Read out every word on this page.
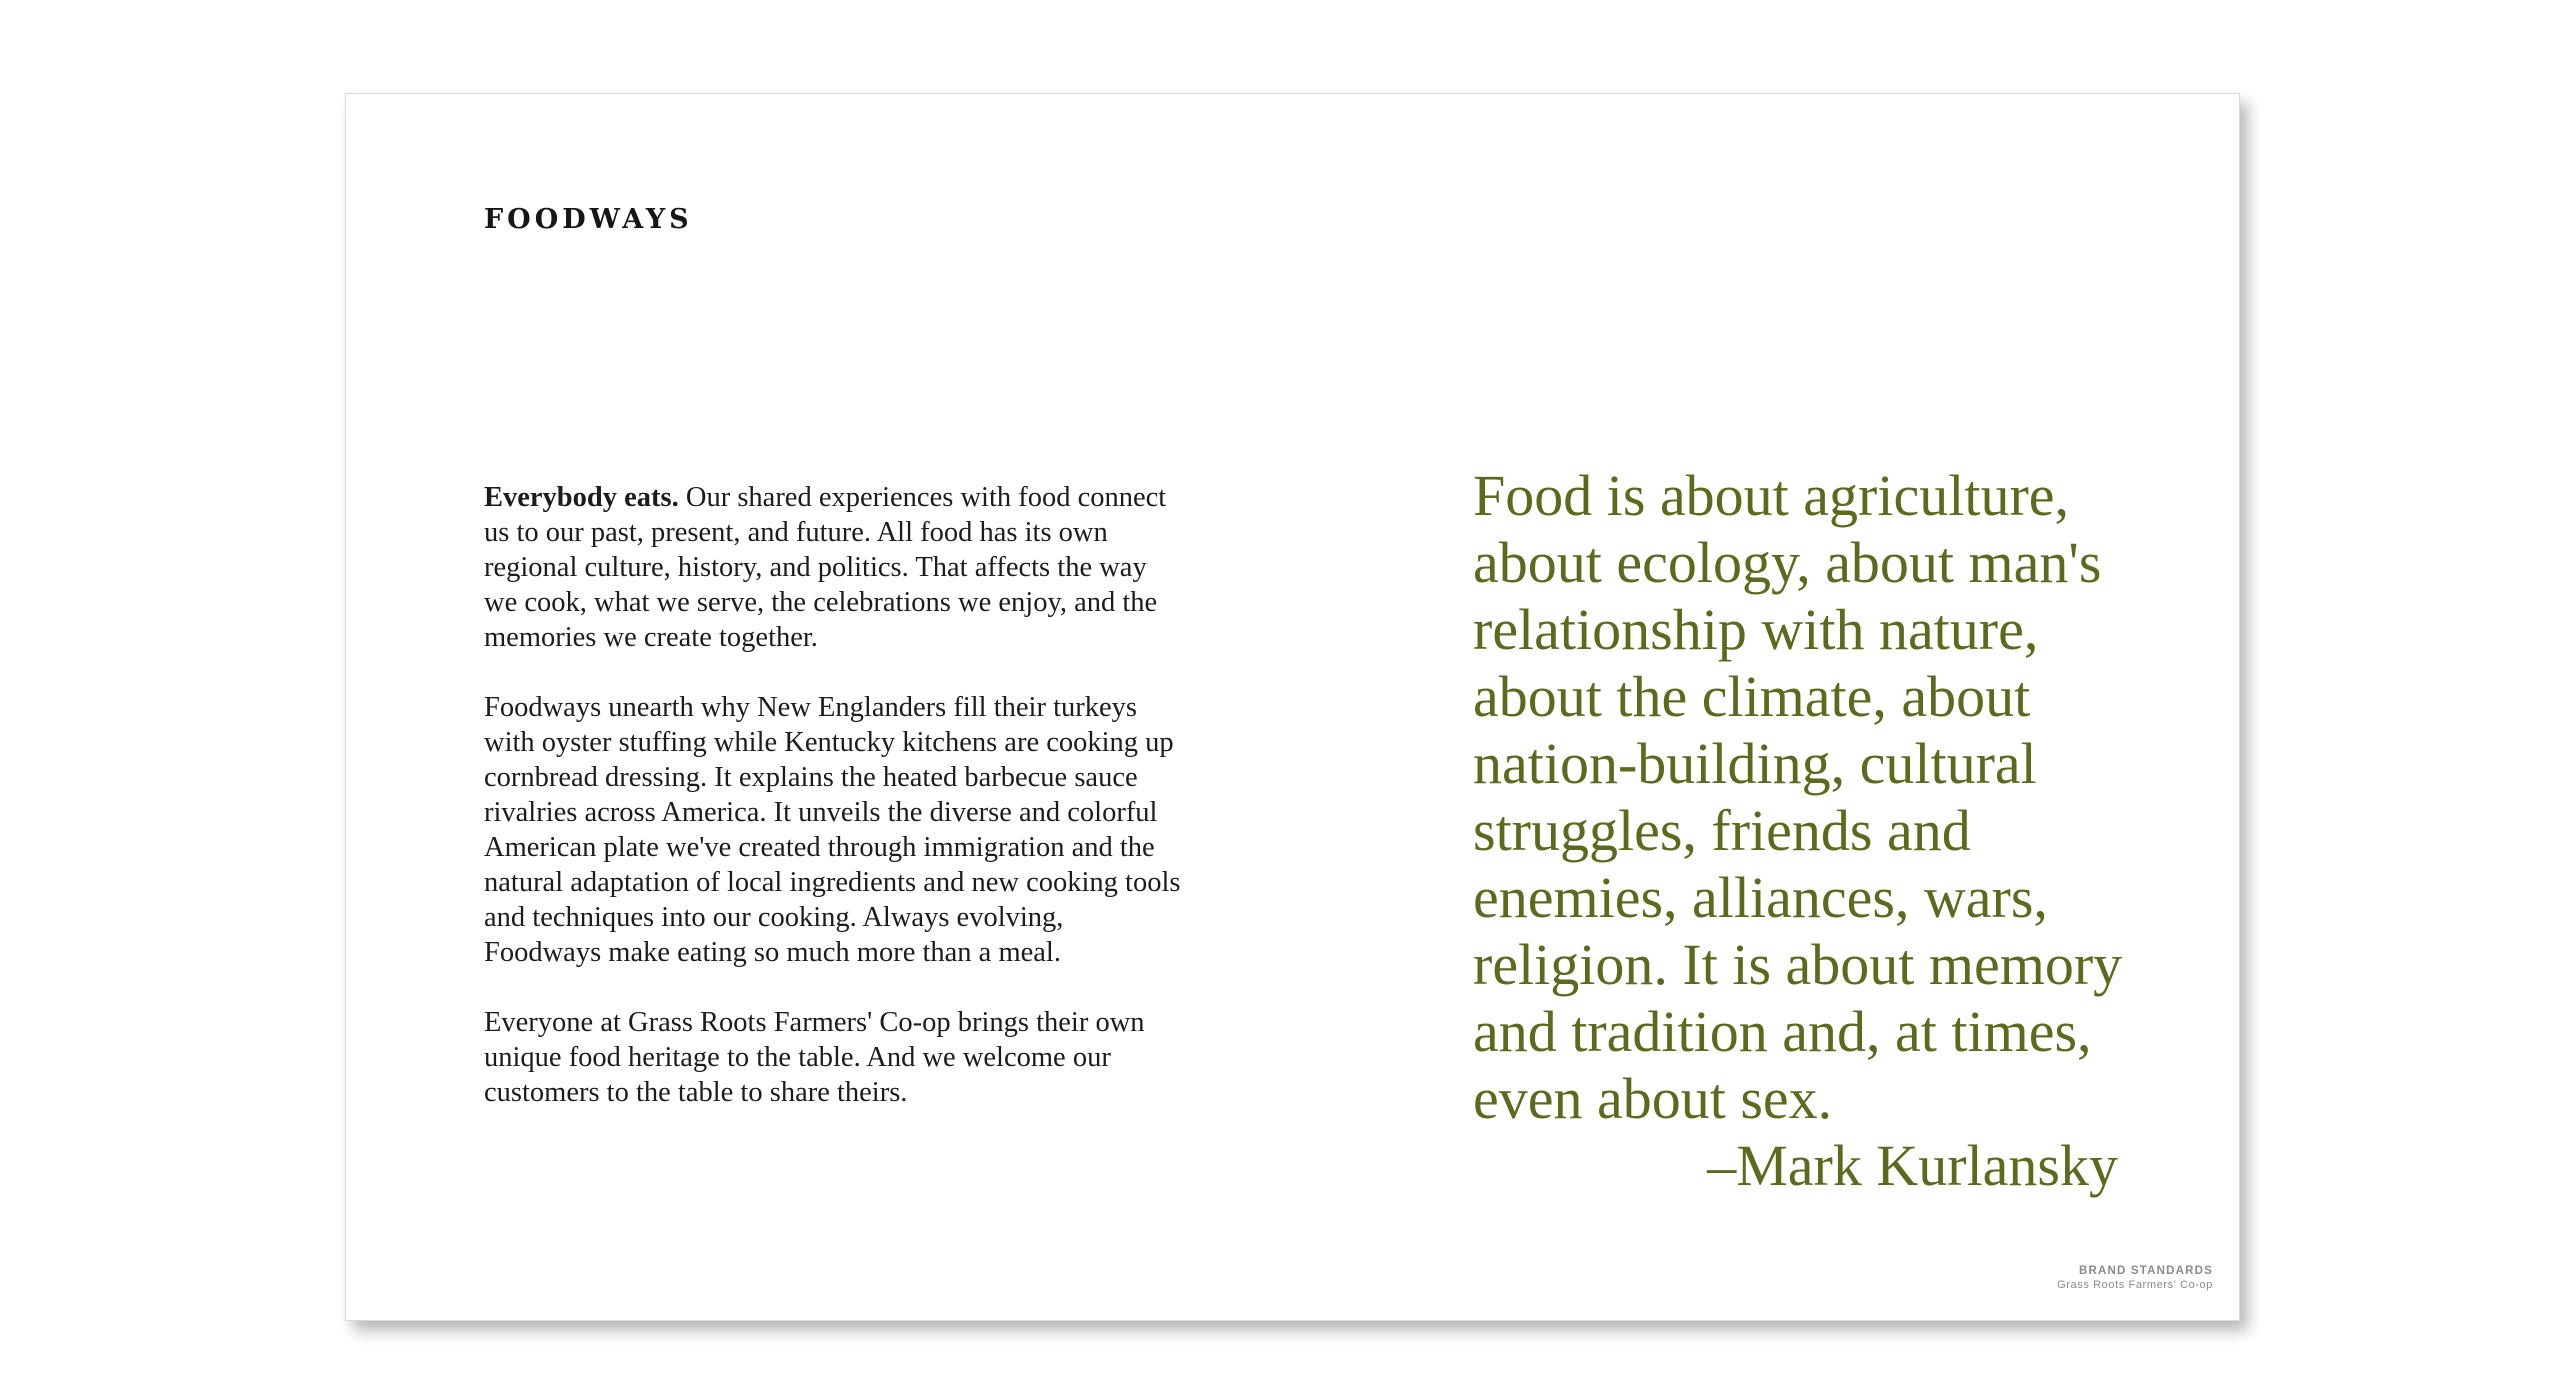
FOODWAYS

Everybody eats. Our shared experiences with food connect us to our past, present, and future. All food has its own regional culture, history, and politics. That affects the way we cook, what we serve, the celebrations we enjoy, and the memories we create together.

Foodways unearth why New Englanders fill their turkeys with oyster stuffing while Kentucky kitchens are cooking up cornbread dressing. It explains the heated barbecue sauce rivalries across America. It unveils the diverse and colorful American plate we've created through immigration and the natural adaptation of local ingredients and new cooking tools and techniques into our cooking. Always evolving, Foodways make eating so much more than a meal.

Everyone at Grass Roots Farmers' Co-op brings their own unique food heritage to the table. And we welcome our customers to the table to share theirs.

Food is about agriculture, about ecology, about man's relationship with nature, about the climate, about nation-building, cultural struggles, friends and enemies, alliances, wars, religion. It is about memory and tradition and, at times, even about sex.
–Mark Kurlansky
BRAND STANDARDS
Grass Roots Farmers' Co-op
